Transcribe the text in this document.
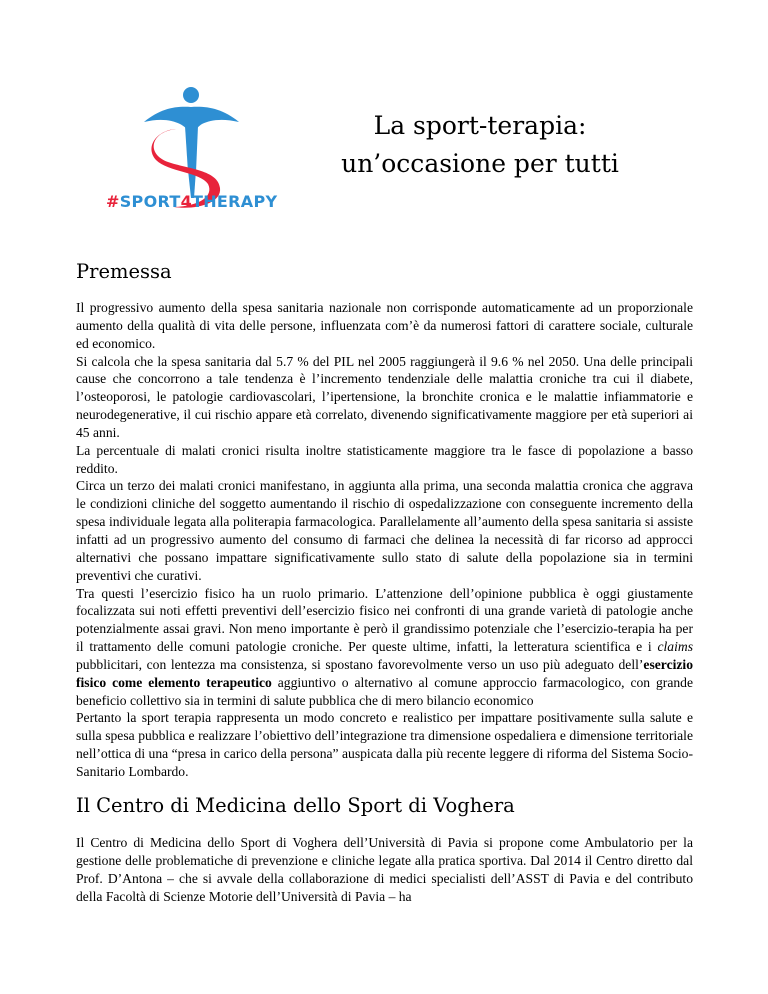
#SPORT4THERAPY
La sport-terapia:
un’occasione per tutti
Premessa

Il progressivo aumento della spesa sanitaria nazionale non corrisponde automaticamente ad un proporzionale aumento della qualità di vita delle persone, influenzata com’è da numerosi fattori di carattere sociale, culturale ed economico.

Si calcola che la spesa sanitaria dal 5.7 % del PIL nel 2005 raggiungerà il 9.6 % nel 2050. Una delle principali cause che concorrono a tale tendenza è l’incremento tendenziale delle malattia croniche tra cui il diabete, l’osteoporosi, le patologie cardiovascolari, l’ipertensione, la bronchite cronica e le malattie infiammatorie e neurodegenerative, il cui rischio appare età correlato, divenendo significativamente maggiore per età superiori ai 45 anni.

La percentuale di malati cronici risulta inoltre statisticamente maggiore tra le fasce di popolazione a basso reddito.

Circa un terzo dei malati cronici manifestano, in aggiunta alla prima, una seconda malattia cronica che aggrava le condizioni cliniche del soggetto aumentando il rischio di ospedalizzazione con conseguente incremento della spesa individuale legata alla politerapia farmacologica. Parallelamente all’aumento della spesa sanitaria si assiste infatti ad un progressivo aumento del consumo di farmaci che delinea la necessità di far ricorso ad approcci alternativi che possano impattare significativamente sullo stato di salute della popolazione sia in termini preventivi che curativi.

Tra questi l’esercizio fisico ha un ruolo primario. L’attenzione dell’opinione pubblica è oggi giustamente focalizzata sui noti effetti preventivi dell’esercizio fisico nei confronti di una grande varietà di patologie anche potenzialmente assai gravi. Non meno importante è però il grandissimo potenziale che l’esercizio-terapia ha per il trattamento delle comuni patologie croniche. Per queste ultime, infatti, la letteratura scientifica e i claims pubblicitari, con lentezza ma consistenza, si spostano favorevolmente verso un uso più adeguato dell’esercizio fisico come elemento terapeutico aggiuntivo o alternativo al comune approccio farmacologico, con grande beneficio collettivo sia in termini di salute pubblica che di mero bilancio economico

Pertanto la sport terapia rappresenta un modo concreto e realistico per impattare positivamente sulla salute e sulla spesa pubblica e realizzare l’obiettivo dell’integrazione tra dimensione ospedaliera e dimensione territoriale nell’ottica di una “presa in carico della persona” auspicata dalla più recente leggere di riforma del Sistema Socio-Sanitario Lombardo.

Il Centro di Medicina dello Sport di Voghera

Il Centro di Medicina dello Sport di Voghera dell’Università di Pavia si propone come Ambulatorio per la gestione delle problematiche di prevenzione e cliniche legate alla pratica sportiva. Dal 2014 il Centro diretto dal Prof. D’Antona – che si avvale della collaborazione di medici specialisti dell’ASST di Pavia e del contributo della Facoltà di Scienze Motorie dell’Università di Pavia – ha
